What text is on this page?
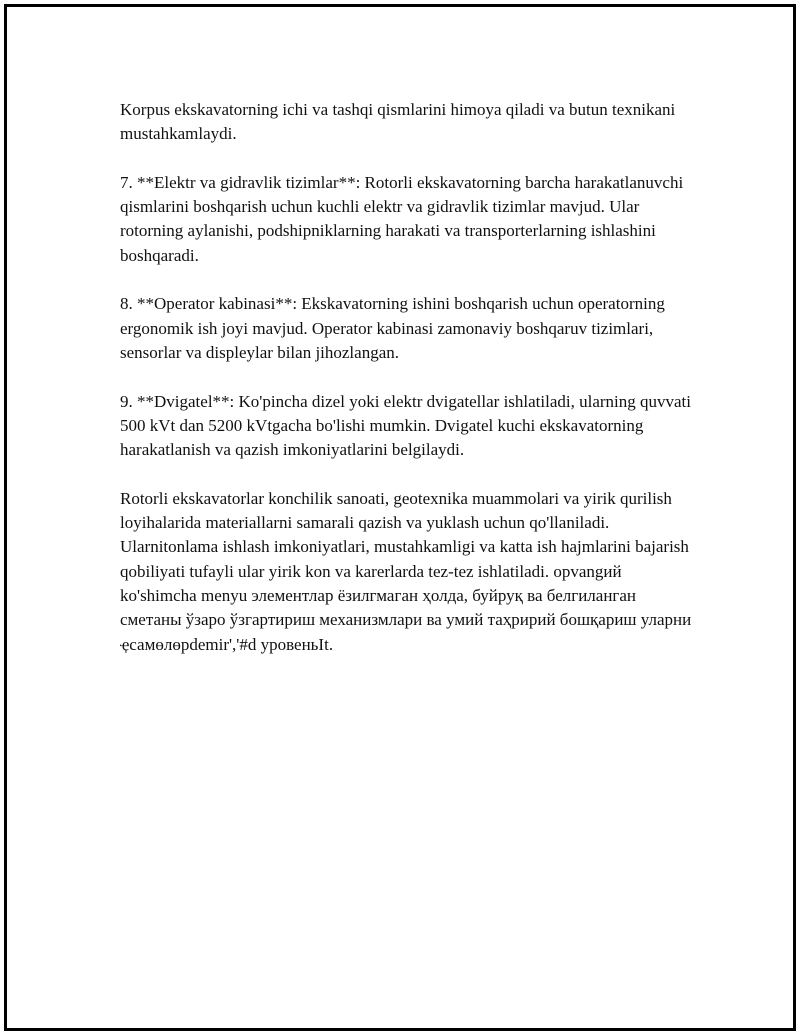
Korpus ekskavatorning ichi va tashqi qismlarini himoya qiladi va butun texnikani mustahkamlaydi.

7. **Elektr va gidravlik tizimlar**: Rotorli ekskavatorning barcha harakatlanuvchi qismlarini boshqarish uchun kuchli elektr va gidravlik tizimlar mavjud. Ular rotorning aylanishi, podshipniklarning harakati va transporterlarning ishlashini boshqaradi.

8. **Operator kabinasi**: Ekskavatorning ishini boshqarish uchun operatorning ergonomik ish joyi mavjud. Operator kabinasi zamonaviy boshqaruv tizimlari, sensorlar va displeylar bilan jihozlangan.

9. **Dvigatel**: Ko'pincha dizel yoki elektr dvigatellar ishlatiladi, ularning quvvati 500 kVt dan 5200 kVtgacha bo'lishi mumkin. Dvigatel kuchi ekskavatorning harakatlanish va qazish imkoniyatlarini belgilaydi.

Rotorli ekskavatorlar konchilik sanoati, geotexnika muammolari va yirik qurilish loyihalarida materiallarni samarali qazish va yuklash uchun qo'llaniladi. Ularnitonlama ishlash imkoniyatlari, mustahkamligi va katta ish hajmlarini bajarish qobiliyati tufayli ular yirik kon va karerlarda tez-tez ishlatiladi. opvangий ko'shimcha menyu элементлар ёзилгмаган ҳолда, буйруқ ва белгиланган сметаны ўзаро ўзгартириш механизмлари ва умий таҳририй бошқариш уларни ҿсамөлөрdemir','#d уровеньIt.
